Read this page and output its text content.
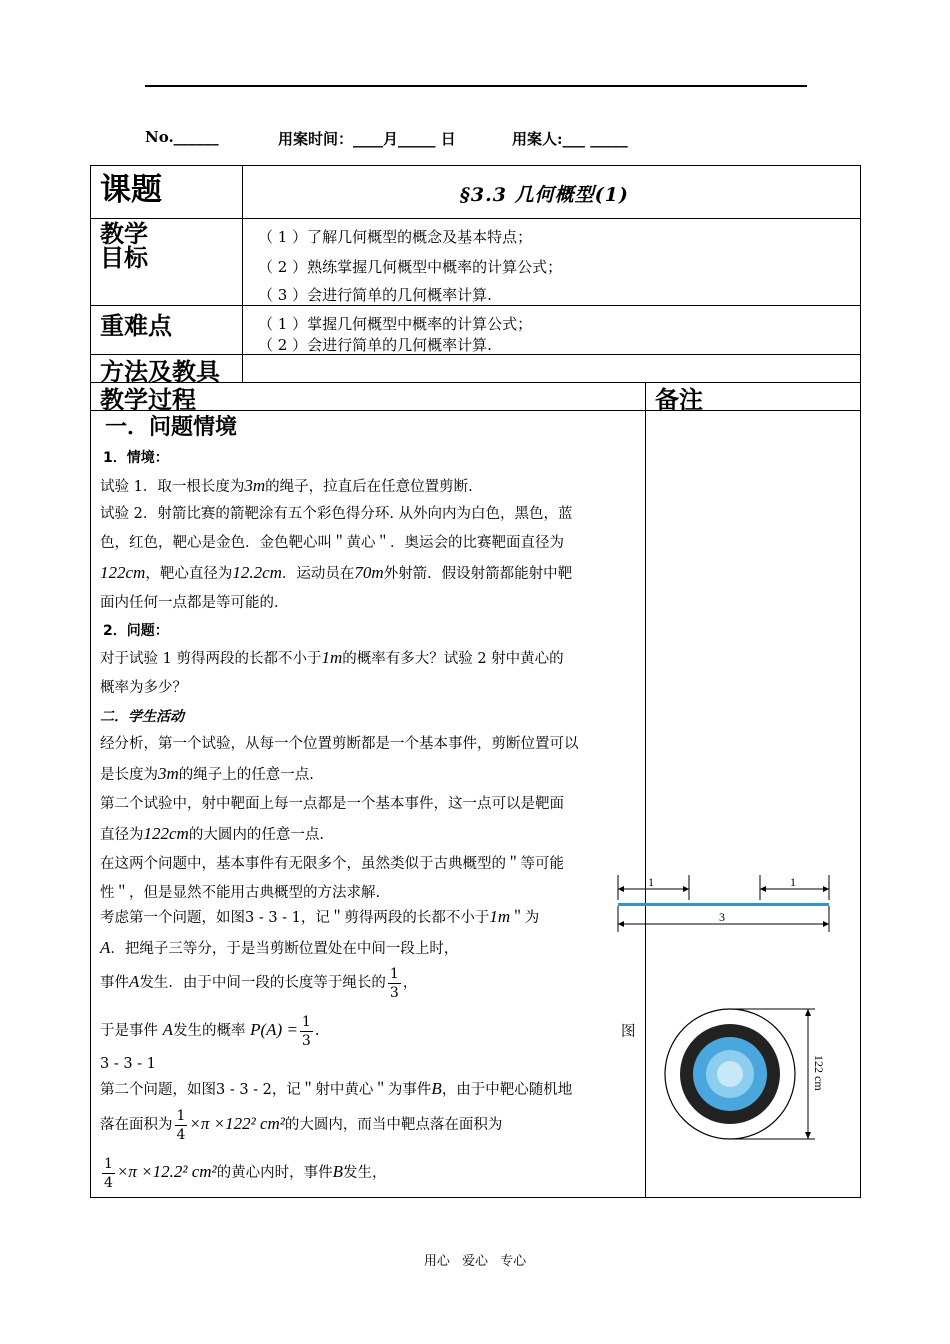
No.______	用案时间：____月_____ 日	用案人:___ _____
课题	§3.3 几何概型(1)
教学
目标
（ 1 ）了解几何概型的概念及基本特点；
（ 2 ）熟练掌握几何概型中概率的计算公式；
（ 3 ）会进行简单的几何概率计算.
重难点	（ 1 ）掌握几何概型中概率的计算公式；
（ 2 ）会进行简单的几何概率计算.
方法及教具
教学过程	备注
一．问题情境
1．情境：
试验 1．取一根长度为3m的绳子，拉直后在任意位置剪断.
试验 2．射箭比赛的箭靶涂有五个彩色得分环. 从外向内为白色，黑色，蓝
色，红色，靶心是金色．金色靶心叫＂黄心＂．奥运会的比赛靶面直径为
122cm，靶心直径为12.2cm．运动员在70m外射箭．假设射箭都能射中靶
面内任何一点都是等可能的.
2．问题：
对于试验 1 剪得两段的长都不小于1m的概率有多大？试验 2 射中黄心的
概率为多少？
二．学生活动
经分析，第一个试验，从每一个位置剪断都是一个基本事件，剪断位置可以
是长度为3m的绳子上的任意一点.
第二个试验中，射中靶面上每一点都是一个基本事件，这一点可以是靶面
直径为122cm的大圆内的任意一点.
在这两个问题中，基本事件有无限多个，虽然类似于古典概型的＂等可能
性＂，但是显然不能用古典概型的方法求解.
考虑第一个问题，如图3 - 3 - 1，记＂剪得两段的长都不小于1m＂为
A．把绳子三等分，于是当剪断位置处在中间一段上时，
事件A发生．由于中间一段的长度等于绳长的 $\frac{1}{3}$ ，
于是事件 A发生的概率 $P(A) = \frac{1}{3}$ .	图
3 - 3 - 1
第二个问题，如图3 - 3 - 2，记＂射中黄心＂为事件B，由于中靶心随机地
落在面积为 $\frac{1}{4} \times\pi \times 122^2$ cm²的大圆内，而当中靶点落在面积为
$\frac{1}{4} \times\pi \times 12.2^2$ cm²的黄心内时，事件B发生，
1	1
3
122 cm
用心 爱心 专心
